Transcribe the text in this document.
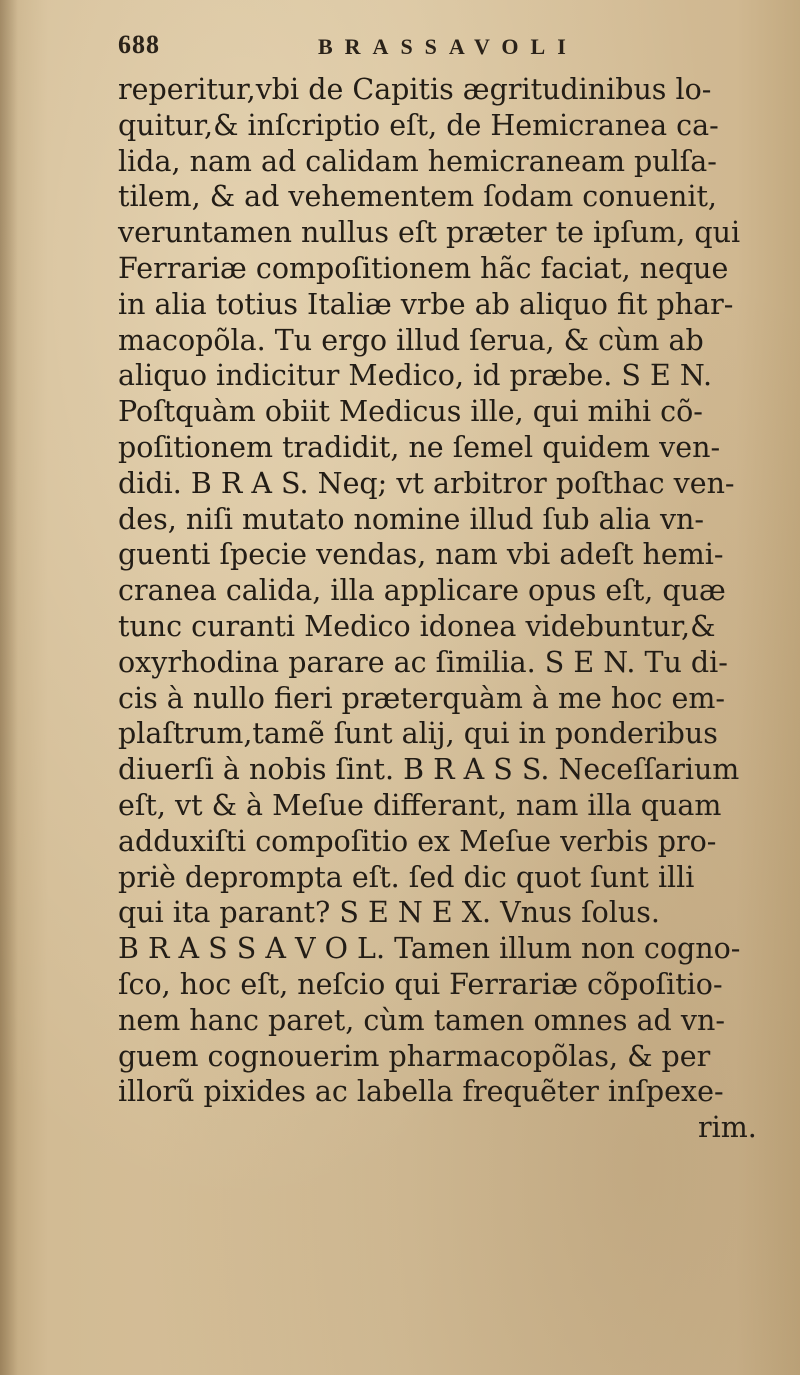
688	BRASSAVOLI
reperitur,vbi de Capitis ægritudinibus lo-
quitur,& inſcriptio eſt, de Hemicranea ca-
lida, nam ad calidam hemicraneam pulſa-
tilem, & ad vehementem ſodam conuenit,
veruntamen nullus eſt præter te ipſum, qui
Ferrariæ compoſitionem hãc faciat, neque
in alia totius Italiæ vrbe ab aliquo fit phar-
macopõla. Tu ergo illud ſerua, & cùm ab
aliquo indicitur Medico, id præbe. S E N.
Poſtquàm obiit Medicus ille, qui mihi cõ-
poſitionem tradidit, ne ſemel quidem ven-
didi. B R A S. Neq; vt arbitror poſthac ven-
des, niſi mutato nomine illud ſub alia vn-
guenti ſpecie vendas, nam vbi adeſt hemi-
cranea calida, illa applicare opus eſt, quæ
tunc curanti Medico idonea videbuntur,&
oxyrhodina parare ac ſimilia. S E N. Tu di-
cis à nullo fieri præterquàm à me hoc em-
plaſtrum,tamẽ ſunt alij, qui in ponderibus
diuerſi à nobis ſint. B R A S S. Neceſſarium
eſt, vt & à Meſue differant, nam illa quam
adduxiſti compoſitio ex Meſue verbis pro-
priè deprompta eſt. ſed dic quot ſunt illi
qui ita parant? S E N E X. Vnus ſolus.
B R A S S A V O L. Tamen illum non cogno-
ſco, hoc eſt, neſcio qui Ferrariæ cõpoſitio-
nem hanc paret, cùm tamen omnes ad vn-
guem cognouerim pharmacopõlas, & per
illorũ pixides ac labella frequẽter inſpexe-
rim.
